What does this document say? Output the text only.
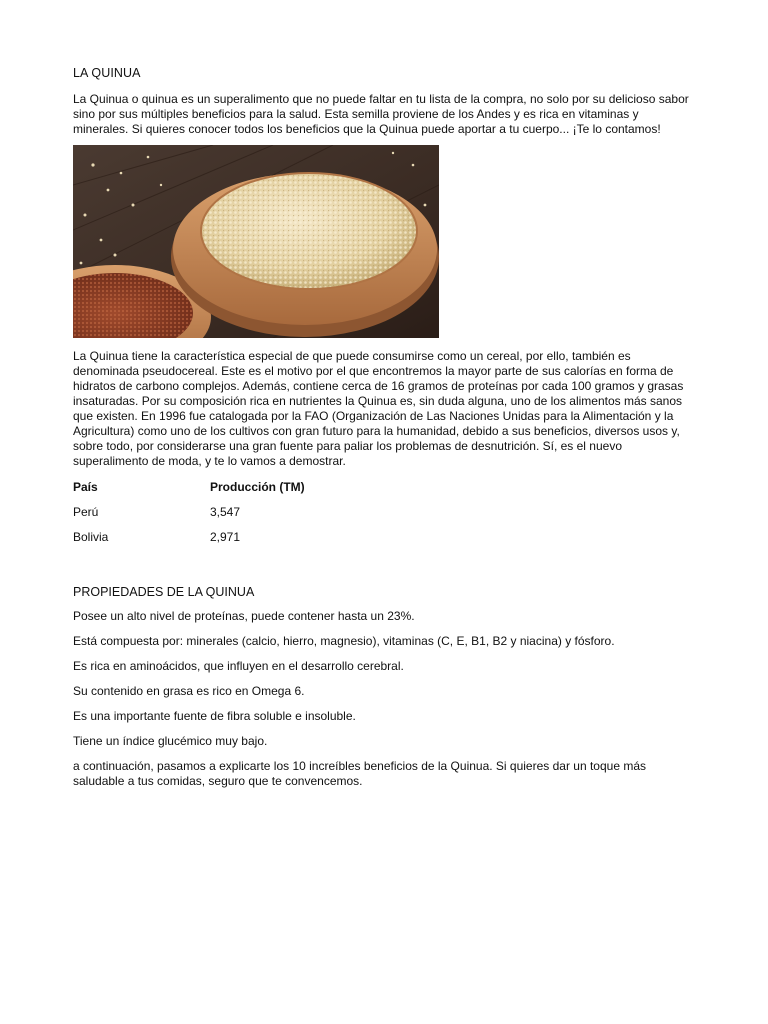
LA QUINUA

La Quinua o quinua es un superalimento que no puede faltar en tu lista de la compra, no solo por su delicioso sabor sino por sus múltiples beneficios para la salud. Esta semilla proviene de los Andes y es rica en vitaminas y minerales. Si quieres conocer todos los beneficios que la Quinua puede aportar a tu cuerpo... ¡Te lo contamos!

La Quinua tiene la característica especial de que puede consumirse como un cereal, por ello, también es denominada pseudocereal. Este es el motivo por el que encontremos la mayor parte de sus calorías en forma de hidratos de carbono complejos. Además, contiene cerca de 16 gramos de proteínas por cada 100 gramos y grasas insaturadas. Por su composición rica en nutrientes la Quinua es, sin duda alguna, uno de los alimentos más sanos que existen. En 1996 fue catalogada por la FAO (Organización de Las Naciones Unidas para la Alimentación y la Agricultura) como uno de los cultivos con gran futuro para la humanidad, debido a sus beneficios, diversos usos y, sobre todo, por considerarse una gran fuente para paliar los problemas de desnutrición. Sí, es el nuevo superalimento de moda, y te lo vamos a demostrar.

País	Producción (TM)
Perú	3,547
Bolivia	2,971
PROPIEDADES DE LA QUINUA

Posee un alto nivel de proteínas, puede contener hasta un 23%.

Está compuesta por: minerales (calcio, hierro, magnesio), vitaminas (C, E, B1, B2 y niacina) y fósforo.

Es rica en aminoácidos, que influyen en el desarrollo cerebral.

Su contenido en grasa es rico en Omega 6.

Es una importante fuente de fibra soluble e insoluble.

Tiene un índice glucémico muy bajo.

a continuación, pasamos a explicarte los 10 increíbles beneficios de la Quinua. Si quieres dar un toque más saludable a tus comidas, seguro que te convencemos.
